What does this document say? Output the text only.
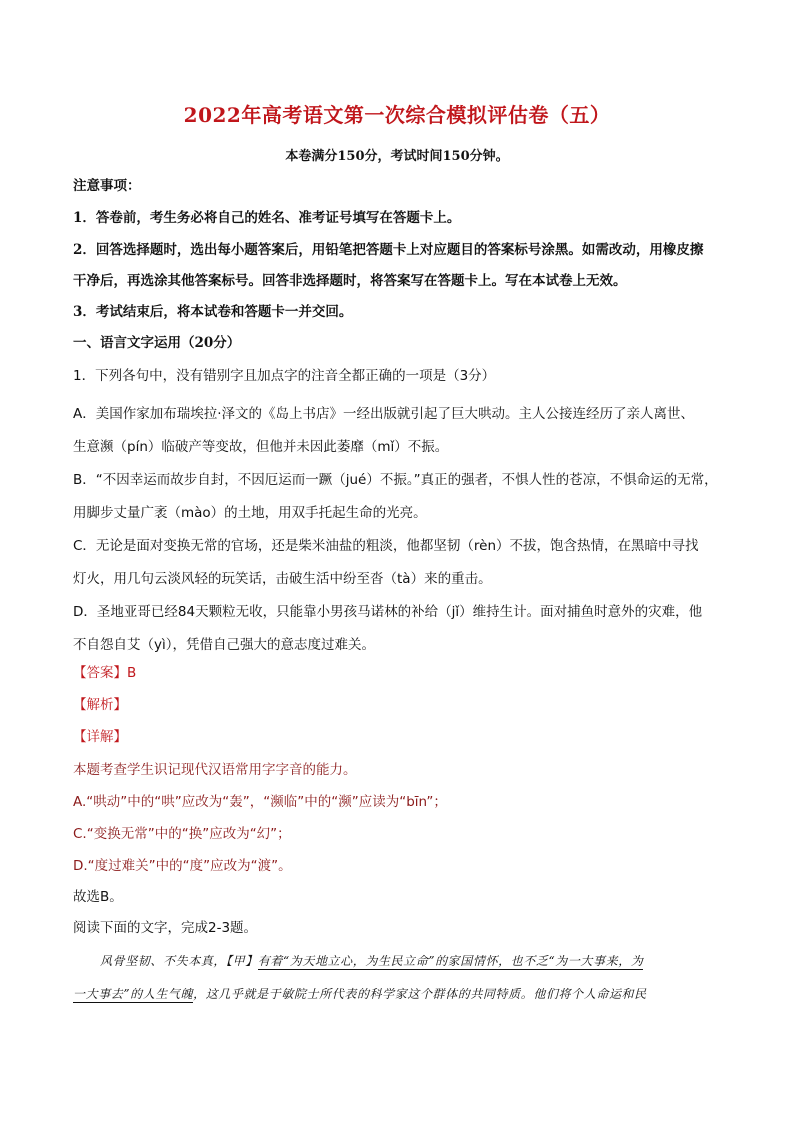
2022年高考语文第一次综合模拟评估卷（五）
本卷满分150分，考试时间150分钟。
注意事项：
1．答卷前，考生务必将自己的姓名、准考证号填写在答题卡上。
2．回答选择题时，选出每小题答案后，用铅笔把答题卡上对应题目的答案标号涂黑。如需改动，用橡皮擦
干净后，再选涂其他答案标号。回答非选择题时，将答案写在答题卡上。写在本试卷上无效。
3．考试结束后，将本试卷和答题卡一并交回。
一、语言文字运用（20分）
1．下列各句中，没有错别字且加点字的注音全都正确的一项是（3分）
A．美国作家加布瑞埃拉·泽文的《岛上书店》一经出版就引起了巨大哄动。主人公接连经历了亲人离世、
生意濒（pín）临破产等变故，但他并未因此萎靡（mǐ）不振。
B．“不因幸运而故步自封，不因厄运而一蹶（jué）不振。”真正的强者，不惧人性的苍凉，不惧命运的无常，
用脚步丈量广袤（mào）的土地，用双手托起生命的光亮。
C．无论是面对变换无常的官场，还是柴米油盐的粗淡，他都坚韧（rèn）不拔，饱含热情，在黑暗中寻找
灯火，用几句云淡风轻的玩笑话，击破生活中纷至沓（tà）来的重击。
D．圣地亚哥已经84天颗粒无收，只能靠小男孩马诺林的补给（jǐ）维持生计。面对捕鱼时意外的灾难，他
不自怨自艾（yì），凭借自己强大的意志度过难关。
【答案】B
【解析】
【详解】
本题考查学生识记现代汉语常用字字音的能力。
A.“哄动”中的“哄”应改为“轰”，“濒临”中的“濒”应读为“bīn”；
C.“变换无常”中的“换”应改为“幻”；
D.“度过难关”中的“度”应改为“渡”。
故选B。
阅读下面的文字，完成2-3题。
风骨坚韧、不失本真，【甲】有着“为天地立心，为生民立命”的家国情怀，也不乏“为一大事来，为
一大事去”的人生气魄，这几乎就是于敏院士所代表的科学家这个群体的共同特质。他们将个人命运和民
